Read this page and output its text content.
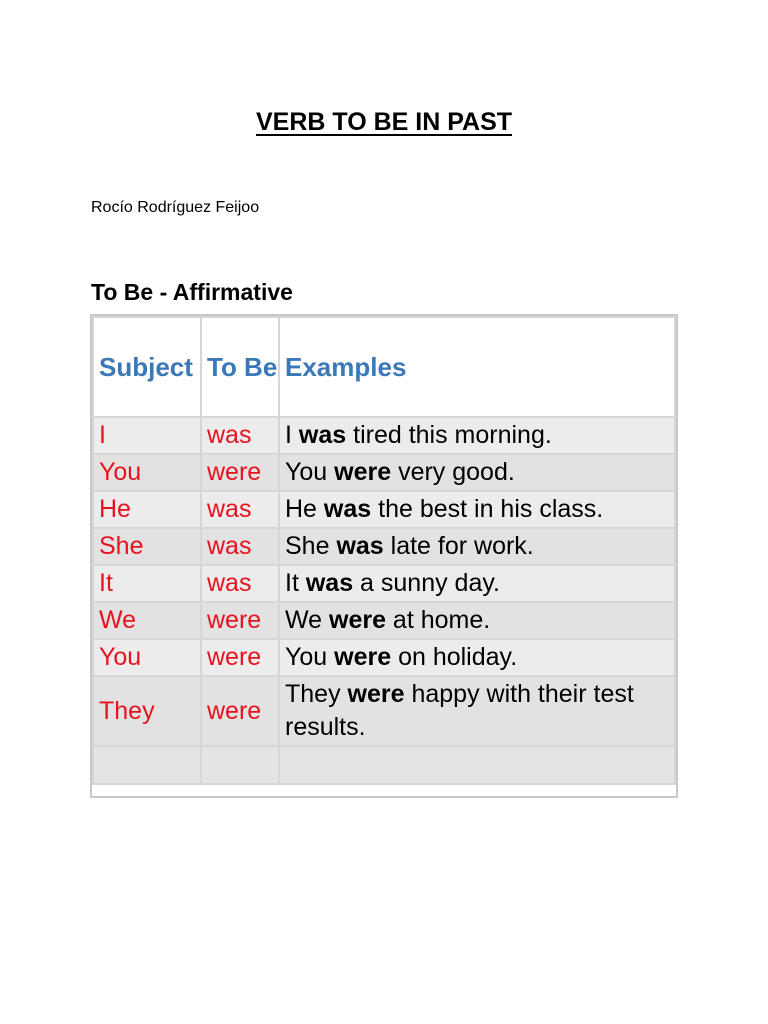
VERB TO BE IN PAST
Rocío Rodríguez Feijoo
To Be - Affirmative
Subject	To Be	Examples
I	was	I was tired this morning.
You	were	You were very good.
He	was	He was the best in his class.
She	was	She was late for work.
It	was	It was a sunny day.
We	were	We were at home.
You	were	You were on holiday.
They	were	They were happy with their test results.
